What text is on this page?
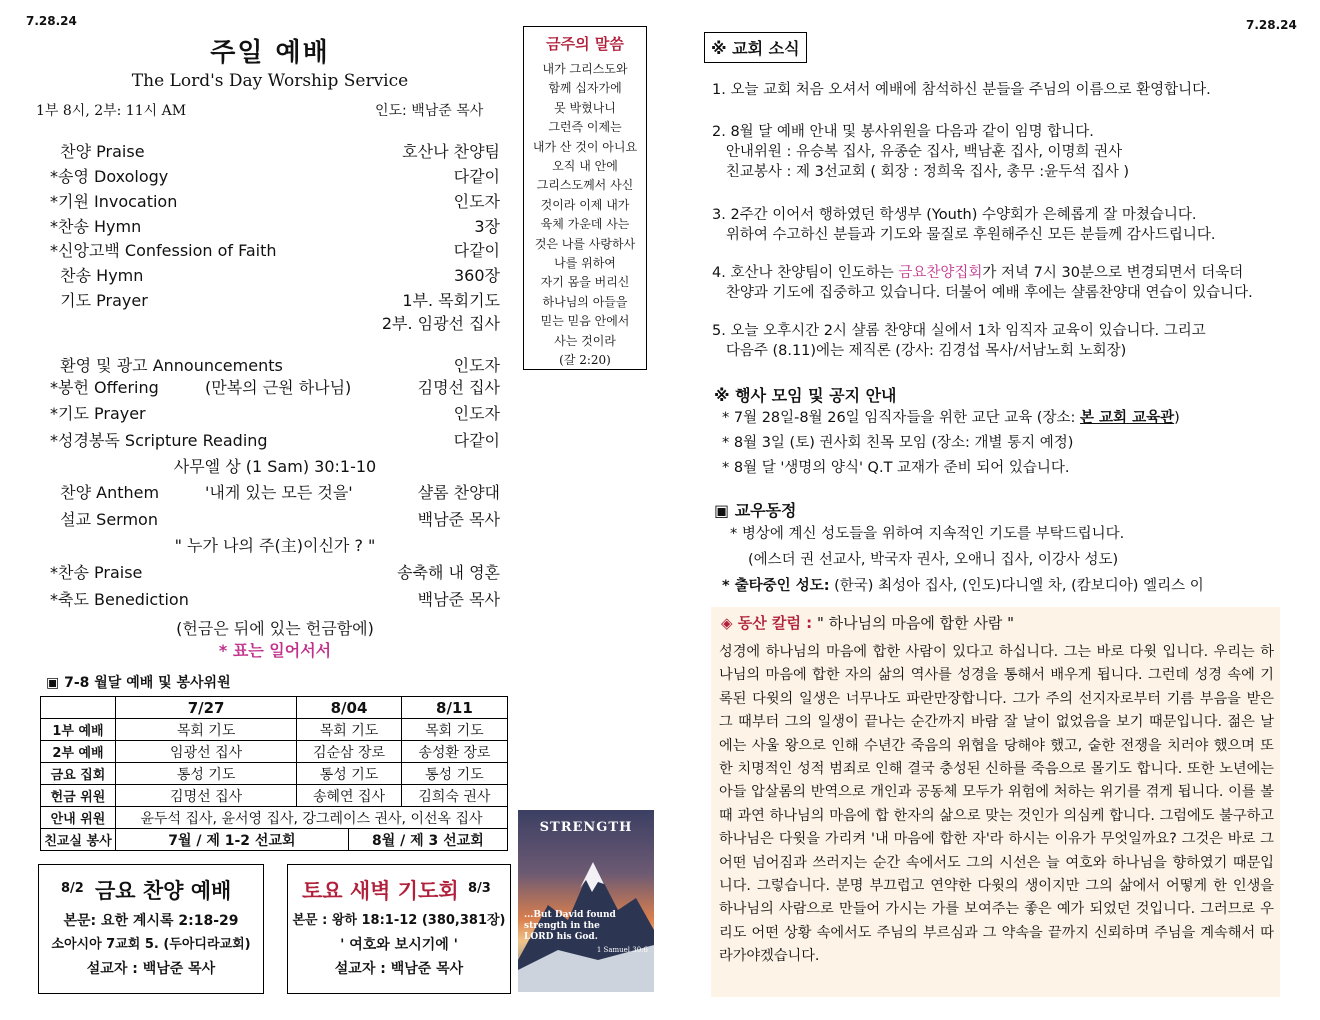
7.28.24
주일 예배
The Lord's Day Worship Service
1부 8시, 2부: 11시 AM	인도: 백남준 목사
찬양 Praise	호산나 찬양팀
*송영 Doxology	다같이
*기원 Invocation	인도자
*찬송 Hymn	3장
*신앙고백 Confession of Faith	다같이
찬송 Hymn	360장
기도 Prayer	1부. 목회기도
2부. 임광선 집사
환영 및 광고 Announcements	인도자
*봉헌 Offering	(만복의 근원 하나님)	김명선 집사
*기도 Prayer	인도자
*성경봉독 Scripture Reading	다같이
사무엘 상 (1 Sam) 30:1-10
찬양 Anthem	'내게 있는 모든 것을'	샬롬 찬양대
설교 Sermon	백남준 목사
" 누가 나의 주(主)이신가 ? "
*찬송 Praise	송축해 내 영혼
*축도 Benediction	백남준 목사
(헌금은 뒤에 있는 헌금함에)
* 표는 일어서서
금주의 말씀
내가 그리스도와
함께 십자가에
못 박혔나니
그런즉 이제는
내가 산 것이 아니요
오직 내 안에
그리스도께서 사신
것이라 이제 내가
육체 가운데 사는
것은 나를 사랑하사
나를 위하여
자기 몸을 버리신
하나님의 아들을
믿는 믿음 안에서
사는 것이라
(갈 2:20)
▣ 7-8 월달 예배 및 봉사위원
	7/27	8/04		8/11
1부 예배	목회 기도	목회 기도		목회 기도
2부 예배	임광선 집사	김순삼 장로		송성환 장로
금요 집회	통성 기도	통성 기도		통성 기도
헌금 위원	김명선 집사	송혜연 집사		김희숙 권사
안내 위원	윤두석 집사, 윤서영 집사, 강그레이스 권사, 이선옥 집사			
친교실 봉사	7월 / 제 1-2 선교회		8월 / 제 3 선교회	
8/2 금요 찬양 예배
본문: 요한 계시록 2:18-29
소아시아 7교회 5. (두아디라교회)
설교자 : 백남준 목사
토요 새벽 기도회 8/3
본문 : 왕하 18:1-12 (380,381장)
' 여호와 보시기에 '
설교자 : 백남준 목사
STRENGTH
...But David found strength in the LORD his God.
1 Samuel 30:6
7.28.24
※ 교회 소식
1. 오늘 교회 처음 오셔서 예배에 참석하신 분들을 주님의 이름으로 환영합니다.
2. 8월 달 예배 안내 및 봉사위원을 다음과 같이 임명 합니다.
안내위원 : 유승복 집사, 유종순 집사, 백남훈 집사, 이명희 권사
친교봉사 : 제 3선교회 ( 회장 : 정희욱 집사, 총무 :윤두석 집사 )
3. 2주간 이어서 행하였던 학생부 (Youth) 수양회가 은혜롭게 잘 마쳤습니다.
위하여 수고하신 분들과 기도와 물질로 후원해주신 모든 분들께 감사드립니다.
4. 호산나 찬양팀이 인도하는 금요찬양집회가 저녁 7시 30분으로 변경되면서 더욱더
찬양과 기도에 집중하고 있습니다. 더불어 예배 후에는 샬롬찬양대 연습이 있습니다.
5. 오늘 오후시간 2시 샬롬 찬양대 실에서 1차 임직자 교육이 있습니다. 그리고
다음주 (8.11)에는 제직론 (강사: 김경섭 목사/서남노회 노회장)
※ 행사 모임 및 공지 안내
* 7월 28일-8월 26일 임직자들을 위한 교단 교육 (장소: 본 교회 교육관)
* 8월 3일 (토) 권사회 친목 모임 (장소: 개별 통지 예정)
* 8월 달 '생명의 양식' Q.T 교재가 준비 되어 있습니다.
▣ 교우동정
* 병상에 계신 성도들을 위하여 지속적인 기도를 부탁드립니다.
(에스더 권 선교사, 박국자 권사, 오애니 집사, 이강사 성도)
* 출타중인 성도: (한국) 최성아 집사, (인도)다니엘 차, (캄보디아) 엘리스 이
◈ 동산 칼럼 : " 하나님의 마음에 합한 사람 "
성경에 하나님의 마음에 합한 사람이 있다고 하십니다. 그는 바로 다윗 입니다. 우리는 하나님의 마음에 합한 자의 삶의 역사를 성경을 통해서 배우게 됩니다. 그런데 성경 속에 기록된 다윗의 일생은 너무나도 파란만장합니다. 그가 주의 선지자로부터 기름 부음을 받은 그 때부터 그의 일생이 끝나는 순간까지 바람 잘 날이 없었음을 보기 때문입니다. 젊은 날에는 사울 왕으로 인해 수년간 죽음의 위협을 당해야 했고, 숱한 전쟁을 치러야 했으며 또한 치명적인 성적 범죄로 인해 결국 충성된 신하를 죽음으로 몰기도 합니다. 또한 노년에는 아들 압살롬의 반역으로 개인과 공동체 모두가 위험에 처하는 위기를 겪게 됩니다. 이를 볼 때 과연 하나님의 마음에 합 한자의 삶으로 맞는 것인가 의심케 합니다. 그럼에도 불구하고 하나님은 다윗을 가리켜 '내 마음에 합한 자'라 하시는 이유가 무엇일까요? 그것은 바로 그 어떤 넘어짐과 쓰러지는 순간 속에서도 그의 시선은 늘 여호와 하나님을 향하였기 때문입니다. 그렇습니다. 분명 부끄럽고 연약한 다윗의 생이지만 그의 삶에서 어떻게 한 인생을 하나님의 사람으로 만들어 가시는 가를 보여주는 좋은 예가 되었던 것입니다. 그러므로 우리도 어떤 상황 속에서도 주님의 부르심과 그 약속을 끝까지 신뢰하며 주님을 계속해서 따라가야겠습니다.
